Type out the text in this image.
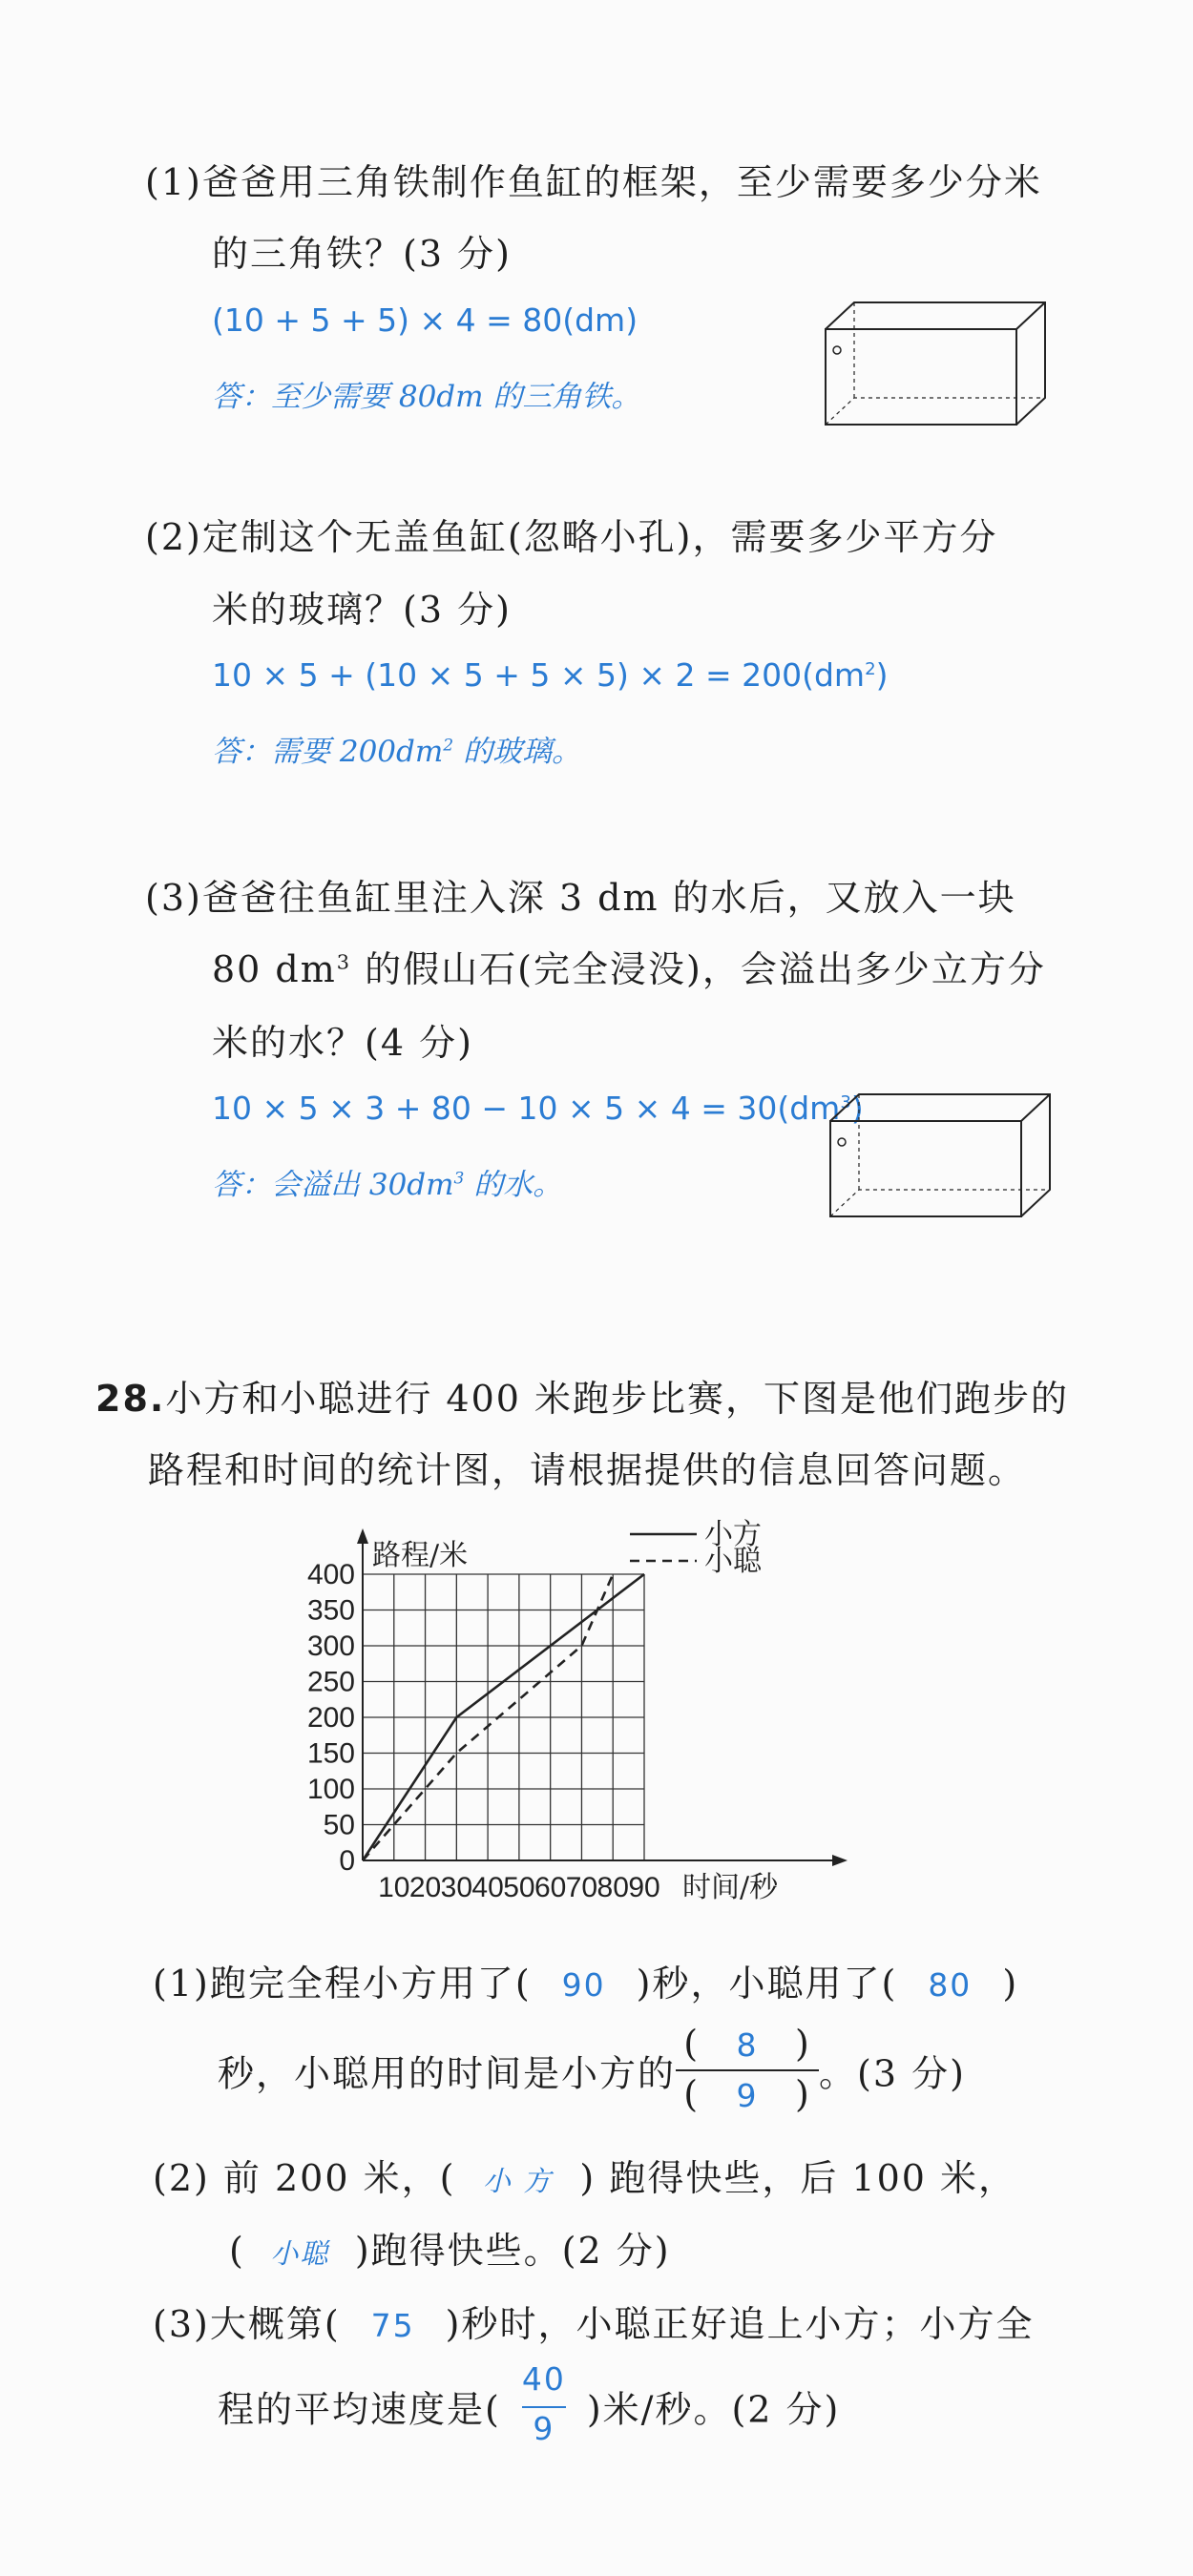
(1)爸爸用三角铁制作鱼缸的框架，至少需要多少分米
的三角铁？(3 分)
(10 + 5 + 5) × 4 = 80(dm)
答：至少需要 80dm 的三角铁。
(2)定制这个无盖鱼缸(忽略小孔)，需要多少平方分
米的玻璃？(3 分)
$10 \times 5 + (10 \times 5 + 5 \times 5) \times 2 = 200(dm^2)$
答：需要 $200dm^2$ 的玻璃。
(3)爸爸往鱼缸里注入深 3 dm 的水后，又放入一块
80 $dm^3$ 的假山石(完全浸没)，会溢出多少立方分
米的水？(4 分)
$10 \times 5 \times 3 + 80 - 10 \times 5 \times 4 = 30(dm^3)$
答：会溢出 $30dm^3$ 的水。
28.小方和小聪进行 400 米跑步比赛，下图是他们跑步的
路程和时间的统计图，请根据提供的信息回答问题。
0
50
100
150
200
250
300
350
400
10 20 30 40 50 60 70 80 90
路程/米
时间/秒
小方
小聪
(1)跑完全程小方用了( 90 )秒，小聪用了( 80 )
秒，小聪用的时间是小方的 $\frac{( 8 )}{( 9 )}$ 。(3 分)
(2) 前 200 米，( 小 方 ) 跑得快些，后 100 米，
( 小聪 )跑得快些。(2 分)
(3)大概第( 75 )秒时，小聪正好追上小方；小方全
程的平均速度是( $\frac{40}{9}$ )米/秒。(2 分)
